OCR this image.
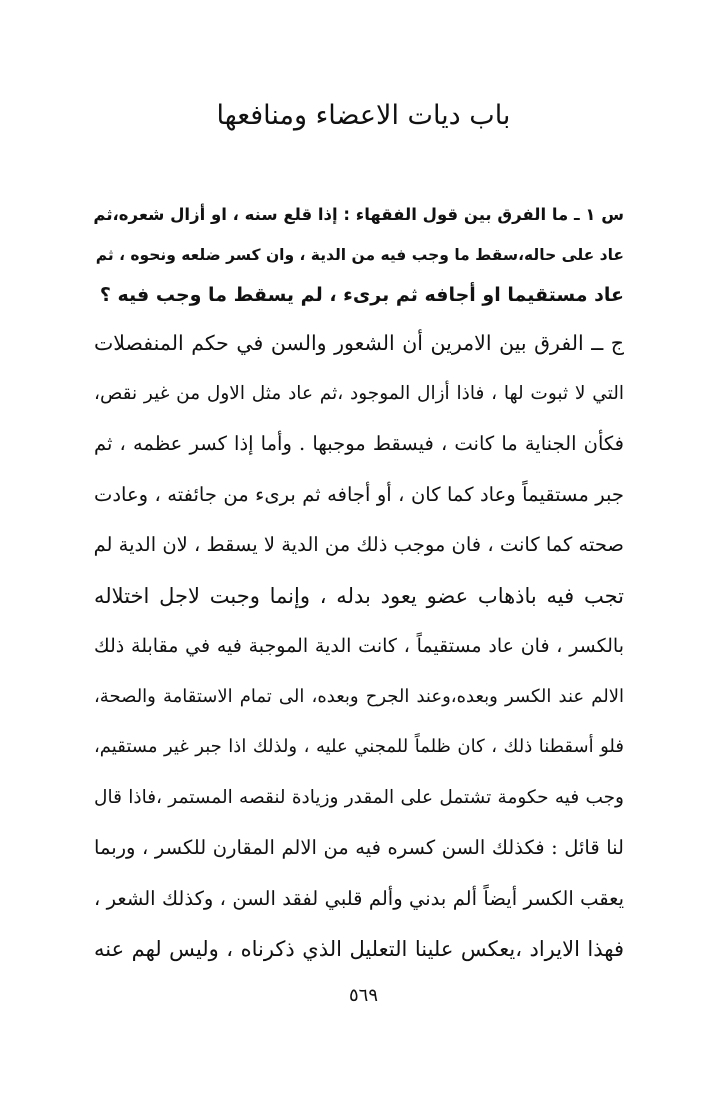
باب ديات الاعضاء ومنافعها

س ١ ـ ما الفرق بين قول الفقهاء : إذا قلع سنه ، او أزال شعره،ثم

عاد على حاله،سقط ما وجب فيه من الدية ، وان كسر ضلعه ونحوه ، ثم

عاد مستقيما او أجافه ثم برىء ، لم يسقط ما وجب فيه ؟

ج ــ الفرق بين الامرين أن الشعور والسن في حكم المنفصلات

التي لا ثبوت لها ، فاذا أزال الموجود ،ثم عاد مثل الاول من غير نقص،

فكأن الجناية ما كانت ، فيسقط موجبها . وأما إذا كسر عظمه ، ثم

جبر مستقيماً وعاد كما كان ، أو أجافه ثم برىء من جائفته ، وعادت

صحته كما كانت ، فان موجب ذلك من الدية لا يسقط ، لان الدية لم

تجب فيه باذهاب عضو يعود بدله ، وإنما وجبت لاجل اختلاله

بالكسر ، فان عاد مستقيماً ، كانت الدية الموجبة فيه في مقابلة ذلك

الالم عند الكسر وبعده،وعند الجرح وبعده، الى تمام الاستقامة والصحة،

فلو أسقطنا ذلك ، كان ظلماً للمجني عليه ، ولذلك اذا جبر غير مستقيم،

وجب فيه حكومة تشتمل على المقدر وزيادة لنقصه المستمر ،فاذا قال

لنا قائل : فكذلك السن كسره فيه من الالم المقارن للكسر ، وربما

يعقب الكسر أيضاً ألم بدني وألم قلبي لفقد السن ، وكذلك الشعر ،

فهذا الايراد ،يعكس علينا التعليل الذي ذكرناه ، وليس لهم عنه

٥٦٩
